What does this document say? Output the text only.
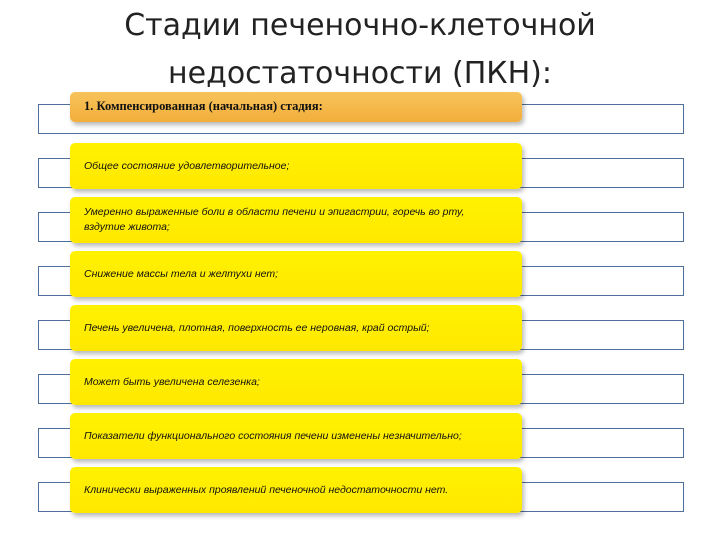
Стадии печеночно-клеточной
недостаточности (ПКН):
1. Компенсированная (начальная) стадия:
Общее состояние удовлетворительное;
Умеренно выраженные боли в области печени и эпигастрии, горечь во рту, вздутие живота;
Снижение массы тела и желтухи нет;
Печень увеличена, плотная, поверхность ее неровная, край острый;
Может быть увеличена селезенка;
Показатели функционального состояния печени изменены незначительно;
Клинически выраженных проявлений печеночной недостаточности нет.
